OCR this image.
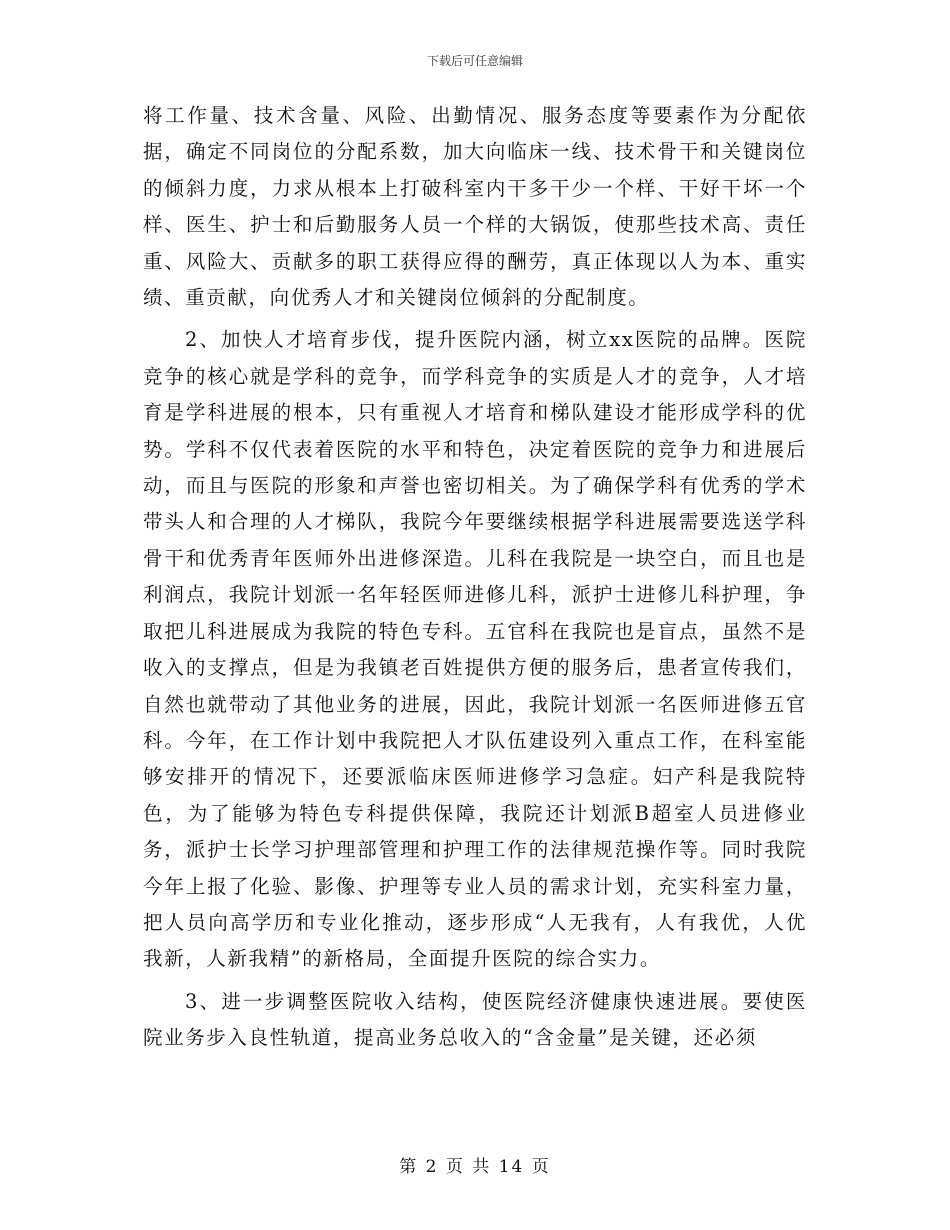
下载后可任意编辑

将工作量、技术含量、风险、出勤情况、服务态度等要素作为分配依据，确定不同岗位的分配系数，加大向临床一线、技术骨干和关键岗位的倾斜力度，力求从根本上打破科室内干多干少一个样、干好干坏一个样、医生、护士和后勤服务人员一个样的大锅饭，使那些技术高、责任重、风险大、贡献多的职工获得应得的酬劳，真正体现以人为本、重实绩、重贡献，向优秀人才和关键岗位倾斜的分配制度。

2、加快人才培育步伐，提升医院内涵，树立xx医院的品牌。医院竞争的核心就是学科的竞争，而学科竞争的实质是人才的竞争，人才培育是学科进展的根本，只有重视人才培育和梯队建设才能形成学科的优势。学科不仅代表着医院的水平和特色，决定着医院的竞争力和进展后动，而且与医院的形象和声誉也密切相关。为了确保学科有优秀的学术带头人和合理的人才梯队，我院今年要继续根据学科进展需要选送学科骨干和优秀青年医师外出进修深造。儿科在我院是一块空白，而且也是利润点，我院计划派一名年轻医师进修儿科，派护士进修儿科护理，争取把儿科进展成为我院的特色专科。五官科在我院也是盲点，虽然不是收入的支撑点，但是为我镇老百姓提供方便的服务后，患者宣传我们，自然也就带动了其他业务的进展，因此，我院计划派一名医师进修五官科。今年，在工作计划中我院把人才队伍建设列入重点工作，在科室能够安排开的情况下，还要派临床医师进修学习急症。妇产科是我院特色，为了能够为特色专科提供保障，我院还计划派B超室人员进修业务，派护士长学习护理部管理和护理工作的法律规范操作等。同时我院今年上报了化验、影像、护理等专业人员的需求计划，充实科室力量，把人员向高学历和专业化推动，逐步形成“人无我有，人有我优，人优我新，人新我精”的新格局，全面提升医院的综合实力。

3、进一步调整医院收入结构，使医院经济健康快速进展。要使医院业务步入良性轨道，提高业务总收入的“含金量”是关键，还必须

第 2 页 共 14 页
